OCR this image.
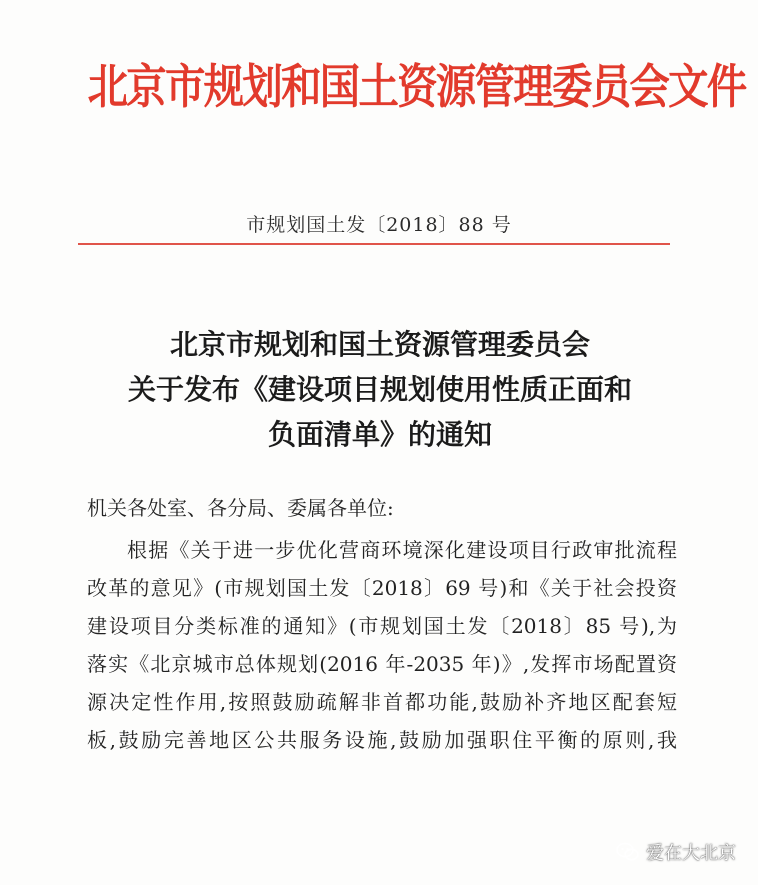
北京市规划和国土资源管理委员会文件
市规划国土发〔2018〕88 号
北京市规划和国土资源管理委员会
关于发布《建设项目规划使用性质正面和
负面清单》的通知
机关各处室、各分局、委属各单位:
根据《关于进一步优化营商环境深化建设项目行政审批流程
改革的意见》(市规划国土发〔2018〕69 号)和《关于社会投资
建设项目分类标准的通知》(市规划国土发〔2018〕85 号),为
落实《北京城市总体规划(2016 年-2035 年)》,发挥市场配置资
源决定性作用,按照鼓励疏解非首都功能,鼓励补齐地区配套短
板,鼓励完善地区公共服务设施,鼓励加强职住平衡的原则,我
爱在大北京
